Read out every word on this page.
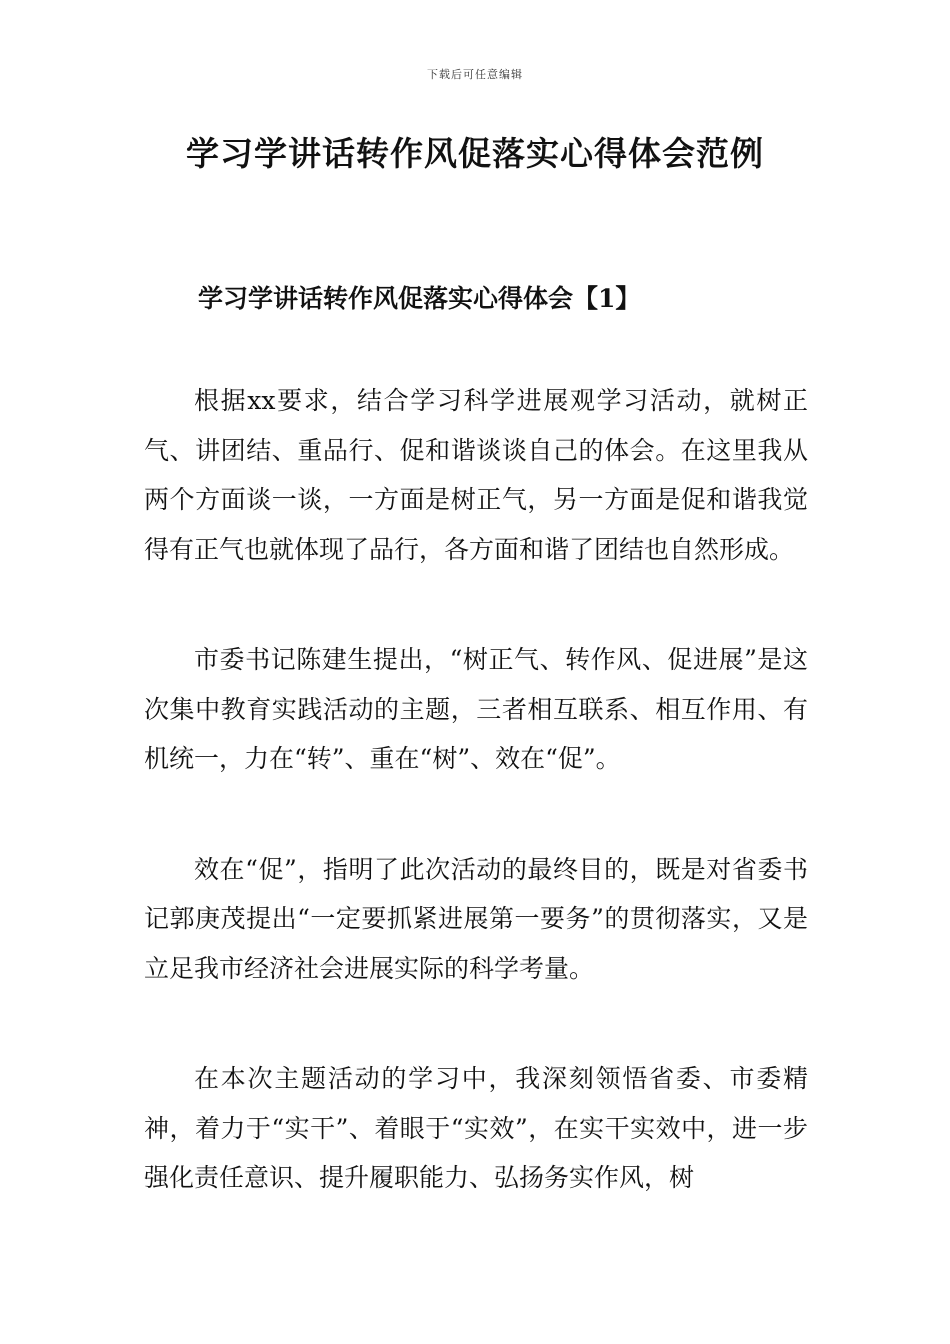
下载后可任意编辑
学习学讲话转作风促落实心得体会范例
学习学讲话转作风促落实心得体会【1】

根据xx要求，结合学习科学进展观学习活动，就树正气、讲团结、重品行、促和谐谈谈自己的体会。在这里我从两个方面谈一谈，一方面是树正气，另一方面是促和谐我觉得有正气也就体现了品行，各方面和谐了团结也自然形成。

市委书记陈建生提出，“树正气、转作风、促进展”是这次集中教育实践活动的主题，三者相互联系、相互作用、有机统一，力在“转”、重在“树”、效在“促”。

效在“促”，指明了此次活动的最终目的，既是对省委书记郭庚茂提出“一定要抓紧进展第一要务”的贯彻落实，又是立足我市经济社会进展实际的科学考量。

在本次主题活动的学习中，我深刻领悟省委、市委精神，着力于“实干”、着眼于“实效”，在实干实效中，进一步强化责任意识、提升履职能力、弘扬务实作风，树
